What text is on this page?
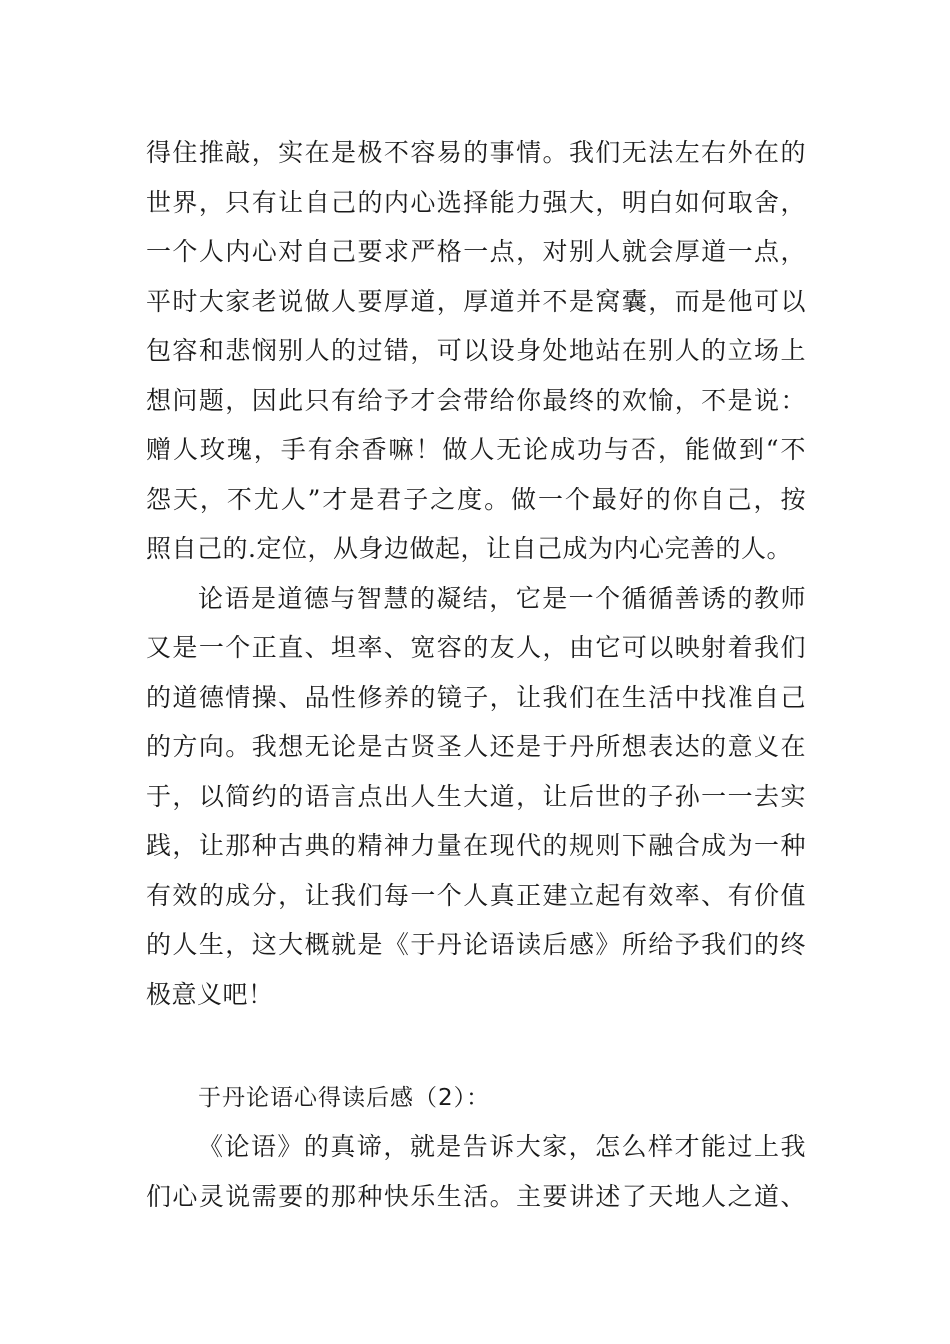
得住推敲，实在是极不容易的事情。我们无法左右外在的
世界，只有让自己的内心选择能力强大，明白如何取舍，
一个人内心对自己要求严格一点，对别人就会厚道一点，
平时大家老说做人要厚道，厚道并不是窝囊，而是他可以
包容和悲悯别人的过错，可以设身处地站在别人的立场上
想问题，因此只有给予才会带给你最终的欢愉，不是说：
赠人玫瑰，手有余香嘛！做人无论成功与否，能做到“不
怨天，不尤人”才是君子之度。做一个最好的你自己，按
照自己的.定位，从身边做起，让自己成为内心完善的人。
论语是道德与智慧的凝结，它是一个循循善诱的教师
又是一个正直、坦率、宽容的友人，由它可以映射着我们
的道德情操、品性修养的镜子，让我们在生活中找准自己
的方向。我想无论是古贤圣人还是于丹所想表达的意义在
于，以简约的语言点出人生大道，让后世的子孙一一去实
践，让那种古典的精神力量在现代的规则下融合成为一种
有效的成分，让我们每一个人真正建立起有效率、有价值
的人生，这大概就是《于丹论语读后感》所给予我们的终
极意义吧！
于丹论语心得读后感（2）：
《论语》的真谛，就是告诉大家，怎么样才能过上我
们心灵说需要的那种快乐生活。主要讲述了天地人之道、
